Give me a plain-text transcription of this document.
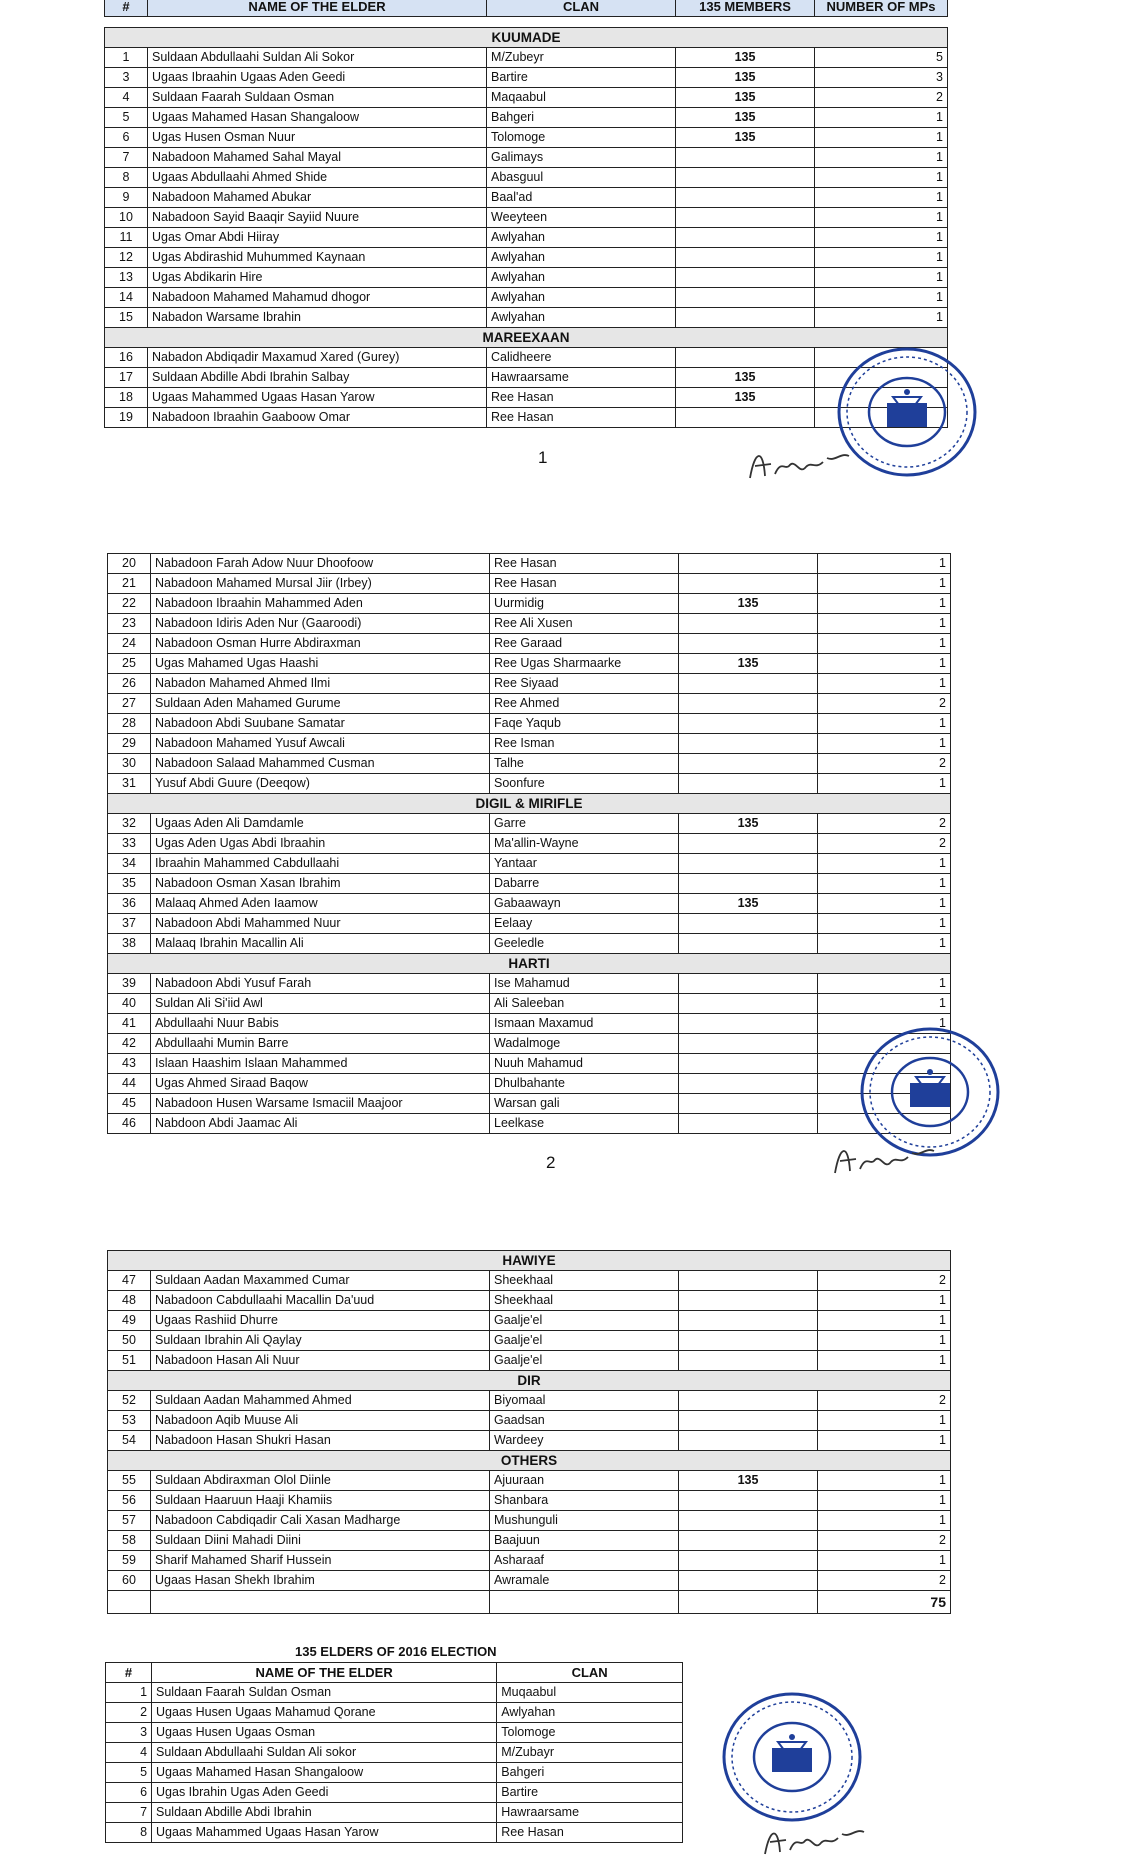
#	NAME OF THE ELDER	CLAN	135 MEMBERS	NUMBER OF MPs

KUUMADE				
1	Suldaan Abdullaahi Suldan Ali Sokor	M/Zubeyr	135	5
3	Ugaas Ibraahin Ugaas Aden Geedi	Bartire	135	3
4	Suldaan Faarah Suldaan Osman	Maqaabul	135	2
5	Ugaas Mahamed Hasan Shangaloow	Bahgeri	135	1
6	Ugas Husen Osman Nuur	Tolomoge	135	1
7	Nabadoon Mahamed Sahal Mayal	Galimays		1
8	Ugaas Abdullaahi Ahmed Shide	Abasguul		1
9	Nabadoon Mahamed Abukar	Baal'ad		1
10	Nabadoon Sayid Baaqir Sayiid Nuure	Weeyteen		1
11	Ugas Omar Abdi Hiiray	Awlyahan		1
12	Ugas Abdirashid Muhummed Kaynaan	Awlyahan		1
13	Ugas Abdikarin Hire	Awlyahan		1
14	Nabadoon Mahamed Mahamud dhogor	Awlyahan		1
15	Nabadon Warsame Ibrahin	Awlyahan		1
MAREEXAAN				
16	Nabadon Abdiqadir Maxamud Xared (Gurey)	Calidheere		
17	Suldaan Abdille Abdi Ibrahin Salbay	Hawraarsame	135	
18	Ugaas Mahammed Ugaas Hasan Yarow	Ree Hasan	135	
19	Nabadoon Ibraahin Gaaboow Omar	Ree Hasan		
1
20	Nabadoon Farah Adow Nuur Dhoofoow	Ree Hasan		1
21	Nabadoon Mahamed Mursal Jiir (Irbey)	Ree Hasan		1
22	Nabadoon Ibraahin Mahammed Aden	Uurmidig	135	1
23	Nabadoon Idiris Aden Nur (Gaaroodi)	Ree Ali Xusen		1
24	Nabadoon Osman Hurre Abdiraxman	Ree Garaad		1
25	Ugas Mahamed Ugas Haashi	Ree Ugas Sharmaarke	135	1
26	Nabadon Mahamed Ahmed Ilmi	Ree Siyaad		1
27	Suldaan Aden Mahamed Gurume	Ree Ahmed		2
28	Nabadoon Abdi Suubane Samatar	Faqe Yaqub		1
29	Nabadoon Mahamed Yusuf Awcali	Ree Isman		1
30	Nabadoon Salaad Mahammed Cusman	Talhe		2
31	Yusuf Abdi Guure (Deeqow)	Soonfure		1
DIGIL & MIRIFLE				
32	Ugaas Aden Ali Damdamle	Garre	135	2
33	Ugas Aden Ugas Abdi Ibraahin	Ma'allin-Wayne		2
34	Ibraahin Mahammed Cabdullaahi	Yantaar		1
35	Nabadoon Osman Xasan Ibrahim	Dabarre		1
36	Malaaq Ahmed Aden Iaamow	Gabaawayn	135	1
37	Nabadoon Abdi Mahammed Nuur	Eelaay		1
38	Malaaq Ibrahin Macallin Ali	Geeledle		1
HARTI				
39	Nabadoon Abdi Yusuf Farah	Ise Mahamud		1
40	Suldan Ali Si'iid Awl	Ali Saleeban		1
41	Abdullaahi Nuur Babis	Ismaan Maxamud		1
42	Abdullaahi Mumin Barre	Wadalmoge		
43	Islaan Haashim Islaan Mahammed	Nuuh Mahamud		
44	Ugas Ahmed Siraad Baqow	Dhulbahante		
45	Nabadoon Husen Warsame Ismaciil Maajoor	Warsan gali		
46	Nabdoon Abdi Jaamac Ali	Leelkase		
2
HAWIYE				
47	Suldaan Aadan Maxammed Cumar	Sheekhaal		2
48	Nabadoon Cabdullaahi Macallin Da'uud	Sheekhaal		1
49	Ugaas Rashiid Dhurre	Gaalje'el		1
50	Suldaan Ibrahin Ali Qaylay	Gaalje'el		1
51	Nabadoon Hasan Ali Nuur	Gaalje'el		1
DIR				
52	Suldaan Aadan Mahammed Ahmed	Biyomaal		2
53	Nabadoon Aqib Muuse Ali	Gaadsan		1
54	Nabadoon Hasan Shukri Hasan	Wardeey		1
OTHERS				
55	Suldaan Abdiraxman Olol Diinle	Ajuuraan	135	1
56	Suldaan Haaruun Haaji Khamiis	Shanbara		1
57	Nabadoon Cabdiqadir Cali Xasan Madharge	Mushunguli		1
58	Suldaan Diini Mahadi Diini	Baajuun		2
59	Sharif Mahamed Sharif Hussein	Asharaaf		1
60	Ugaas Hasan Shekh Ibrahim	Awramale		2
				75
135 ELDERS OF 2016 ELECTION
#	NAME OF THE ELDER	CLAN
1	Suldaan Faarah Suldan Osman	Muqaabul
2	Ugaas Husen Ugaas Mahamud Qorane	Awlyahan
3	Ugaas Husen Ugaas Osman	Tolomoge
4	Suldaan Abdullaahi Suldan Ali sokor	M/Zubayr
5	Ugaas Mahamed Hasan Shangaloow	Bahgeri
6	Ugas Ibrahin Ugas Aden Geedi	Bartire
7	Suldaan Abdille Abdi Ibrahin	Hawraarsame
8	Ugaas Mahammed Ugaas Hasan Yarow	Ree Hasan
